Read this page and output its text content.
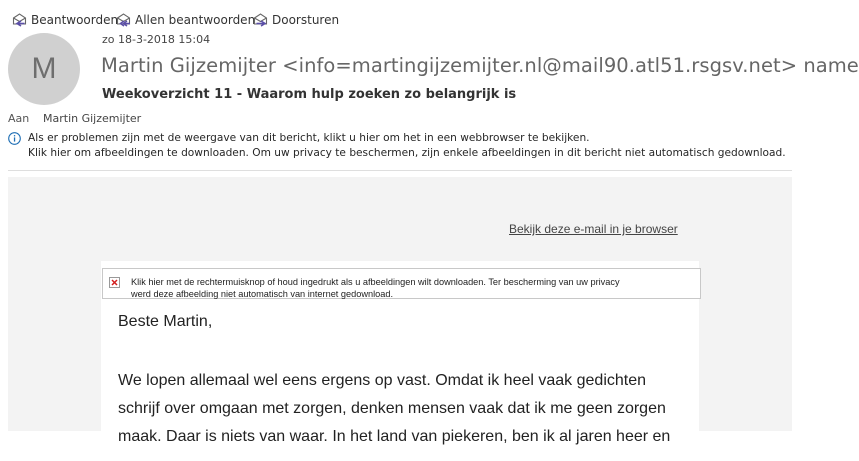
Beantwoorden Allen beantwoorden Doorsturen
M
zo 18-3-2018 15:04
Martin Gijzemijter <info=martingijzemijter.nl@mail90.atl51.rsgsv.net> name
Weekoverzicht 11 - Waarom hulp zoeken zo belangrijk is
Aan Martin Gijzemijter
Als er problemen zijn met de weergave van dit bericht, klikt u hier om het in een webbrowser te bekijken.
Klik hier om afbeeldingen te downloaden. Om uw privacy te beschermen, zijn enkele afbeeldingen in dit bericht niet automatisch gedownload.
Bekijk deze e-mail in je browser
Klik hier met de rechtermuisknop of houd ingedrukt als u afbeeldingen wilt downloaden. Ter bescherming van uw privacy
werd deze afbeelding niet automatisch van internet gedownload.
Beste Martin,
We lopen allemaal wel eens ergens op vast. Omdat ik heel vaak gedichten
schrijf over omgaan met zorgen, denken mensen vaak dat ik me geen zorgen
maak. Daar is niets van waar. In het land van piekeren, ben ik al jaren heer en
